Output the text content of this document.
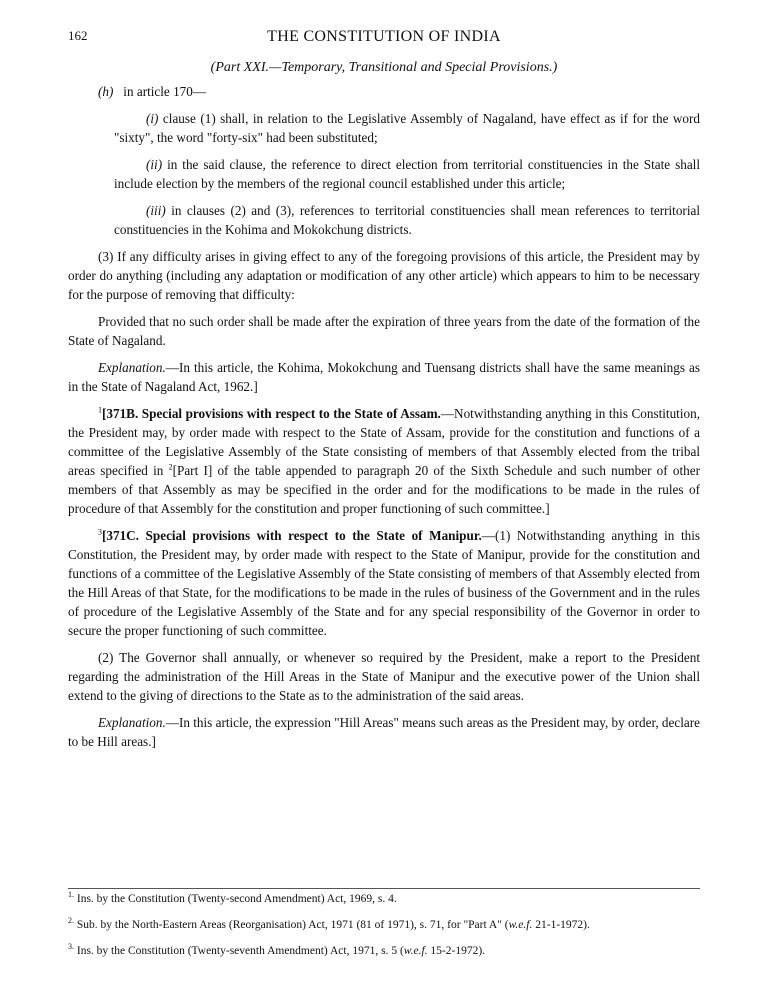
162	THE CONSTITUTION OF INDIA
(Part XXI.—Temporary, Transitional and Special Provisions.)

(h) in article 170—

(i) clause (1) shall, in relation to the Legislative Assembly of Nagaland, have effect as if for the word "sixty", the word "forty-six" had been substituted;

(ii) in the said clause, the reference to direct election from territorial constituencies in the State shall include election by the members of the regional council established under this article;

(iii) in clauses (2) and (3), references to territorial constituencies shall mean references to territorial constituencies in the Kohima and Mokokchung districts.

(3) If any difficulty arises in giving effect to any of the foregoing provisions of this article, the President may by order do anything (including any adaptation or modification of any other article) which appears to him to be necessary for the purpose of removing that difficulty:

Provided that no such order shall be made after the expiration of three years from the date of the formation of the State of Nagaland.

Explanation.—In this article, the Kohima, Mokokchung and Tuensang districts shall have the same meanings as in the State of Nagaland Act, 1962.]

$^1$[371B. Special provisions with respect to the State of Assam.—Notwithstanding anything in this Constitution, the President may, by order made with respect to the State of Assam, provide for the constitution and functions of a committee of the Legislative Assembly of the State consisting of members of that Assembly elected from the tribal areas specified in $^2$[Part I] of the table appended to paragraph 20 of the Sixth Schedule and such number of other members of that Assembly as may be specified in the order and for the modifications to be made in the rules of procedure of that Assembly for the constitution and proper functioning of such committee.]

$^3$[371C. Special provisions with respect to the State of Manipur.—(1) Notwithstanding anything in this Constitution, the President may, by order made with respect to the State of Manipur, provide for the constitution and functions of a committee of the Legislative Assembly of the State consisting of members of that Assembly elected from the Hill Areas of that State, for the modifications to be made in the rules of business of the Government and in the rules of procedure of the Legislative Assembly of the State and for any special responsibility of the Governor in order to secure the proper functioning of such committee.

(2) The Governor shall annually, or whenever so required by the President, make a report to the President regarding the administration of the Hill Areas in the State of Manipur and the executive power of the Union shall extend to the giving of directions to the State as to the administration of the said areas.

Explanation.—In this article, the expression "Hill Areas" means such areas as the President may, by order, declare to be Hill areas.]

$^{1.}$ Ins. by the Constitution (Twenty-second Amendment) Act, 1969, s. 4.
$^{2.}$ Sub. by the North-Eastern Areas (Reorganisation) Act, 1971 (81 of 1971), s. 71, for "Part A" (w.e.f. 21-1-1972).
$^{3.}$ Ins. by the Constitution (Twenty-seventh Amendment) Act, 1971, s. 5 (w.e.f. 15-2-1972).
